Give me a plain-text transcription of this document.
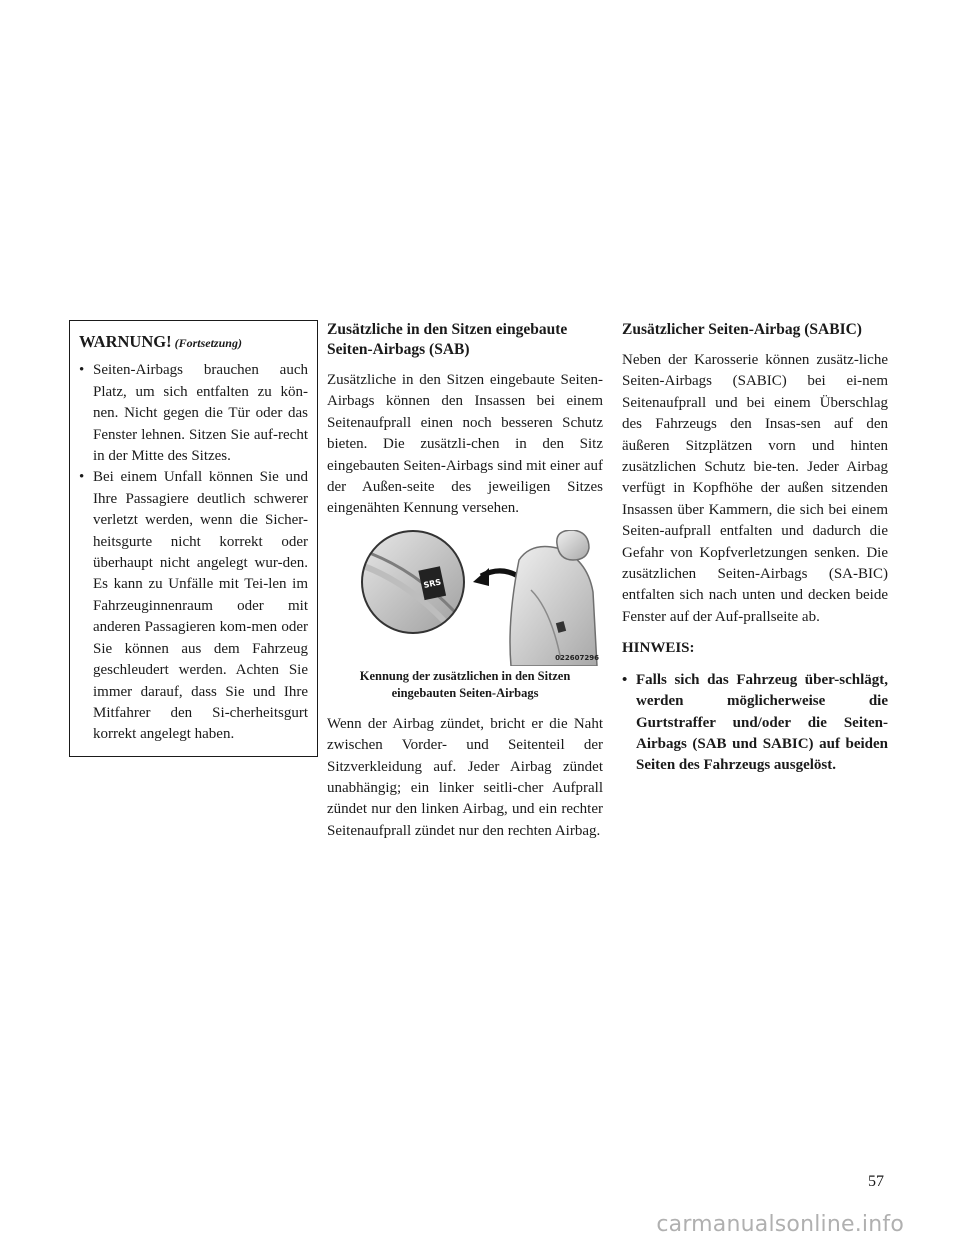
WARNUNG! (Fortsetzung)
• Seiten-Airbags brauchen auch Platz, um sich entfalten zu kön-nen. Nicht gegen die Tür oder das Fenster lehnen. Sitzen Sie auf-recht in der Mitte des Sitzes.
• Bei einem Unfall können Sie und Ihre Passagiere deutlich schwerer verletzt werden, wenn die Sicher-heitsgurte nicht korrekt oder überhaupt nicht angelegt wur-den. Es kann zu Unfälle mit Tei-len im Fahrzeuginnenraum oder mit anderen Passagieren kom-men oder Sie können aus dem Fahrzeug geschleudert werden. Achten Sie immer darauf, dass Sie und Ihre Mitfahrer den Si-cherheitsgurt korrekt angelegt haben.
Zusätzliche in den Sitzen eingebaute Seiten-Airbags (SAB)

Zusätzliche in den Sitzen eingebaute Seiten-Airbags können den Insassen bei einem Seitenaufprall einen noch besseren Schutz bieten. Die zusätzli-chen in den Sitz eingebauten Seiten-Airbags sind mit einer auf der Außen-seite des jeweiligen Sitzes eingenähten Kennung versehen.

SRS
022607296
Kennung der zusätzlichen in den Sitzen eingebauten Seiten-Airbags

Wenn der Airbag zündet, bricht er die Naht zwischen Vorder- und Seitenteil der Sitzverkleidung auf. Jeder Airbag zündet unabhängig; ein linker seitli-cher Aufprall zündet nur den linken Airbag, und ein rechter Seitenaufprall zündet nur den rechten Airbag.

Zusätzlicher Seiten-Airbag (SABIC)

Neben der Karosserie können zusätz-liche Seiten-Airbags (SABIC) bei ei-nem Seitenaufprall und bei einem Überschlag des Fahrzeugs den Insas-sen auf den äußeren Sitzplätzen vorn und hinten zusätzlichen Schutz bie-ten. Jeder Airbag verfügt in Kopfhöhe der außen sitzenden Insassen über Kammern, die sich bei einem Seiten-aufprall entfalten und dadurch die Gefahr von Kopfverletzungen senken. Die zusätzlichen Seiten-Airbags (SA-BIC) entfalten sich nach unten und decken beide Fenster auf der Auf-prallseite ab.

HINWEIS:
• Falls sich das Fahrzeug über-schlägt, werden möglicherweise die Gurtstraffer und/oder die Seiten-Airbags (SAB und SABIC) auf beiden Seiten des Fahrzeugs ausgelöst.
57
carmanualsonline.info
